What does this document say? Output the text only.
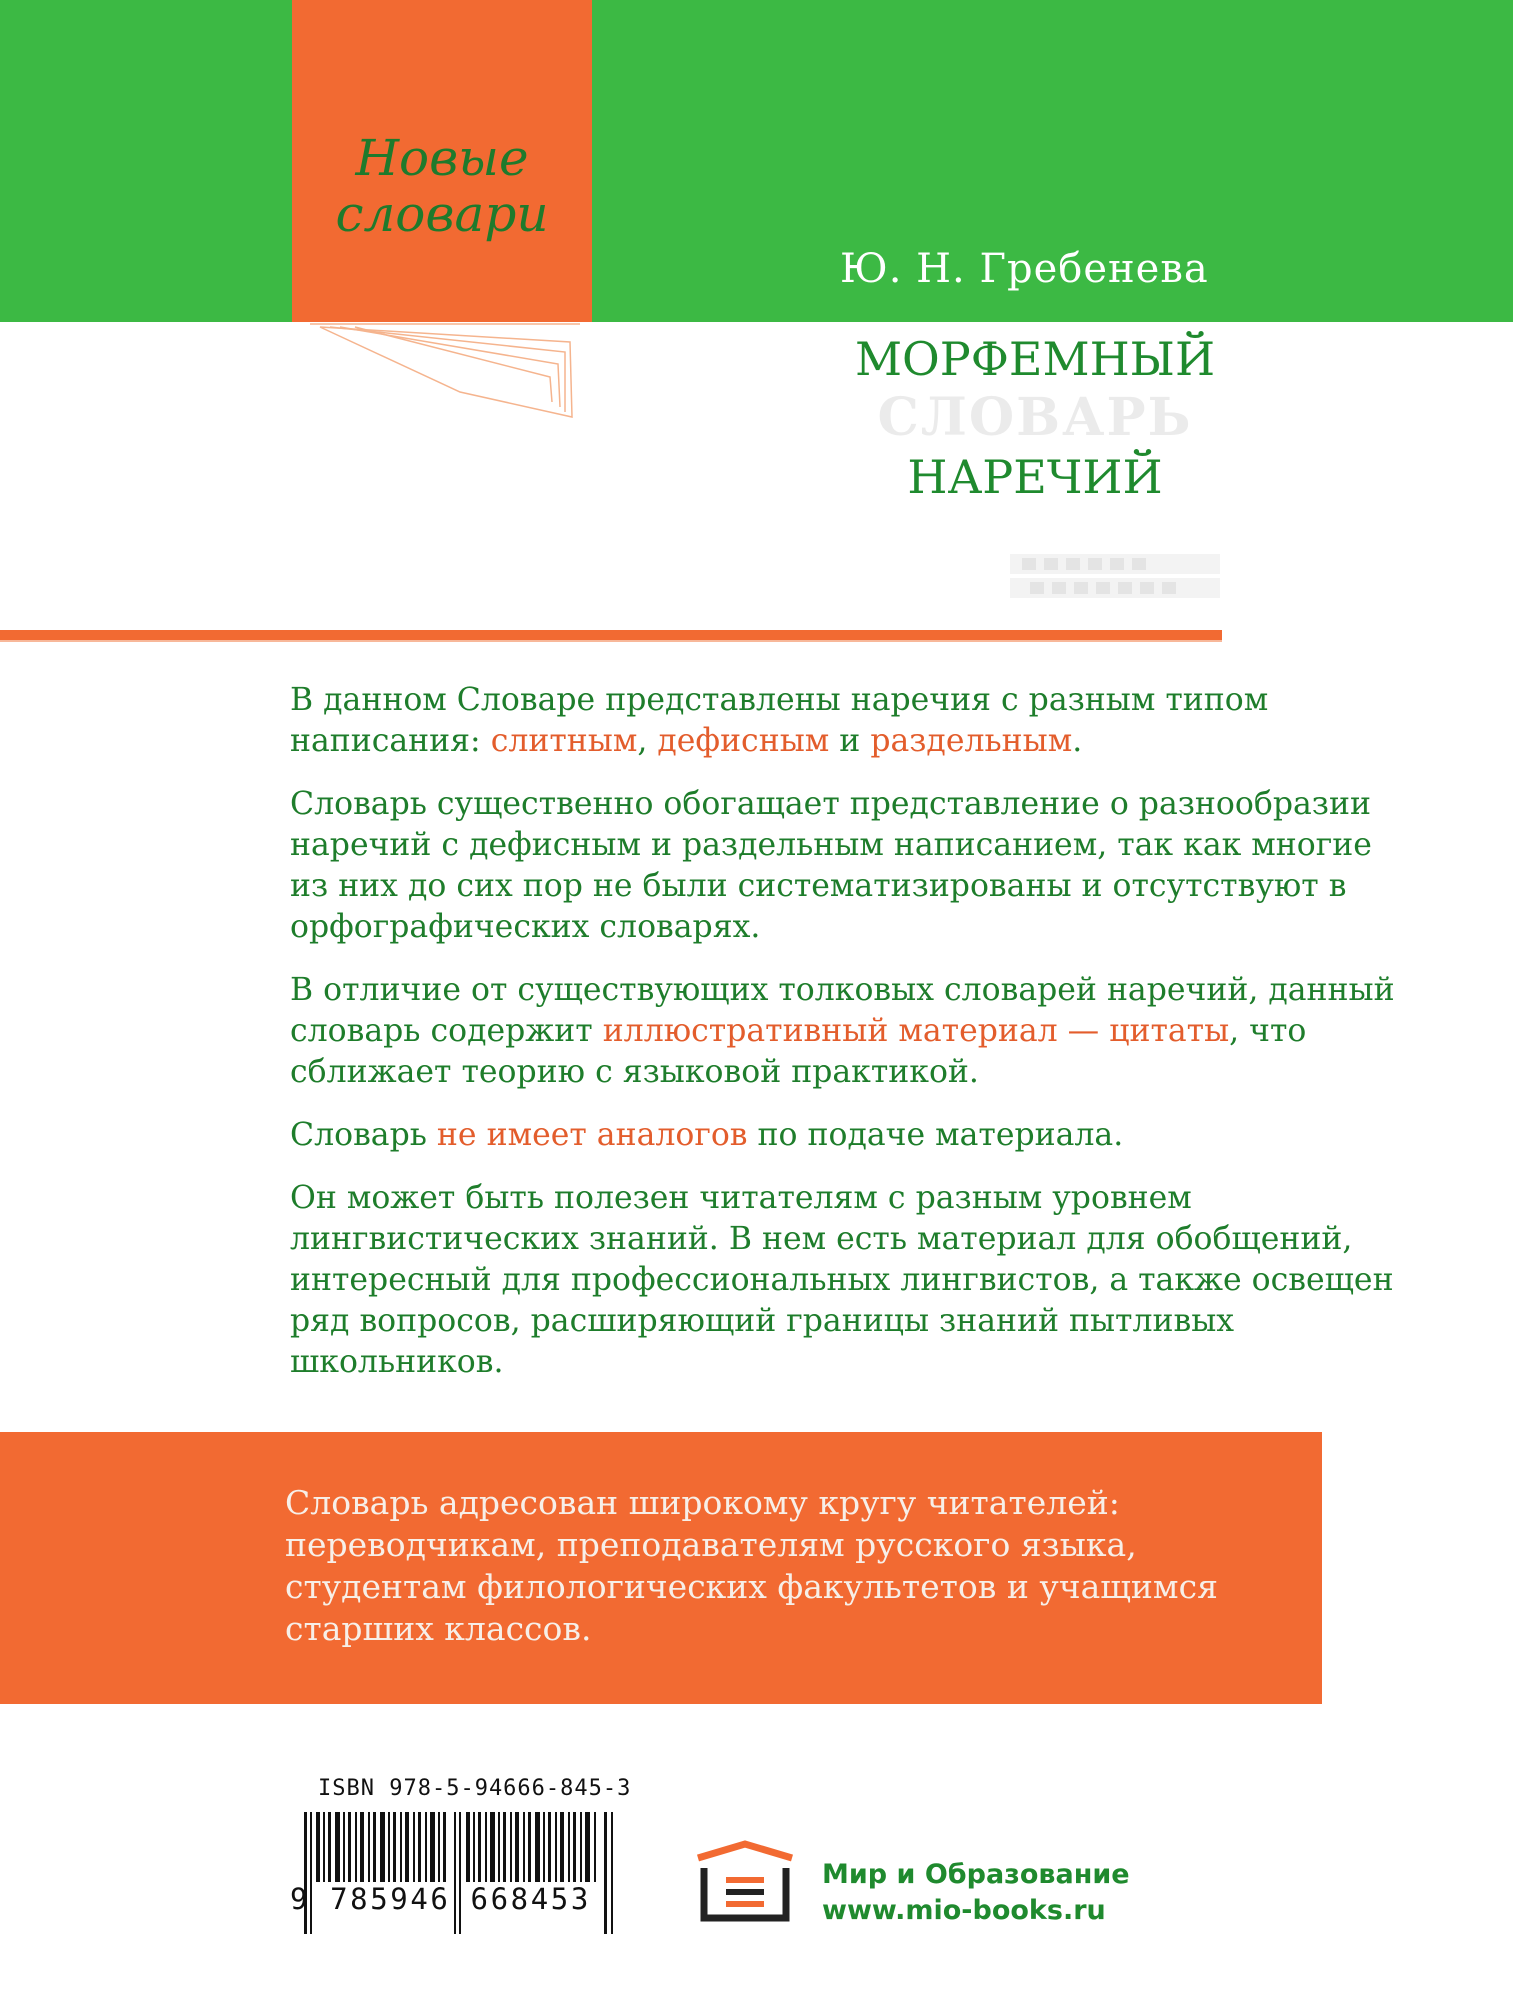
Новые
словари
Ю. Н. Гребенева
МОРФЕМНЫЙ
СЛОВАРЬ
НАРЕЧИЙ

В данном Словаре представлены наречия с разным типом написания: слитным, дефисным и раздельным.

Словарь существенно обогащает представление о разнообразии наречий с дефисным и раздельным написанием, так как многие из них до сих пор не были систематизированы и отсутствуют в орфографических словарях.

В отличие от существующих толковых словарей наречий, данный словарь содержит иллюстративный материал — цитаты, что сближает теорию с языковой практикой.

Словарь не имеет аналогов по подаче материала.

Он может быть полезен читателям с разным уровнем лингвистических знаний. В нем есть материал для обобщений, интересный для профессиональных лингвистов, а также освещен ряд вопросов, расширяющий границы знаний пытливых школьников.

Словарь адресован широкому кругу читателей: переводчикам, преподавателям русского языка, студентам филологических факультетов и учащимся старших классов.
ISBN 978-5-94666-845-3
9 785946 668453
Мир и Образование
www.mio-books.ru
